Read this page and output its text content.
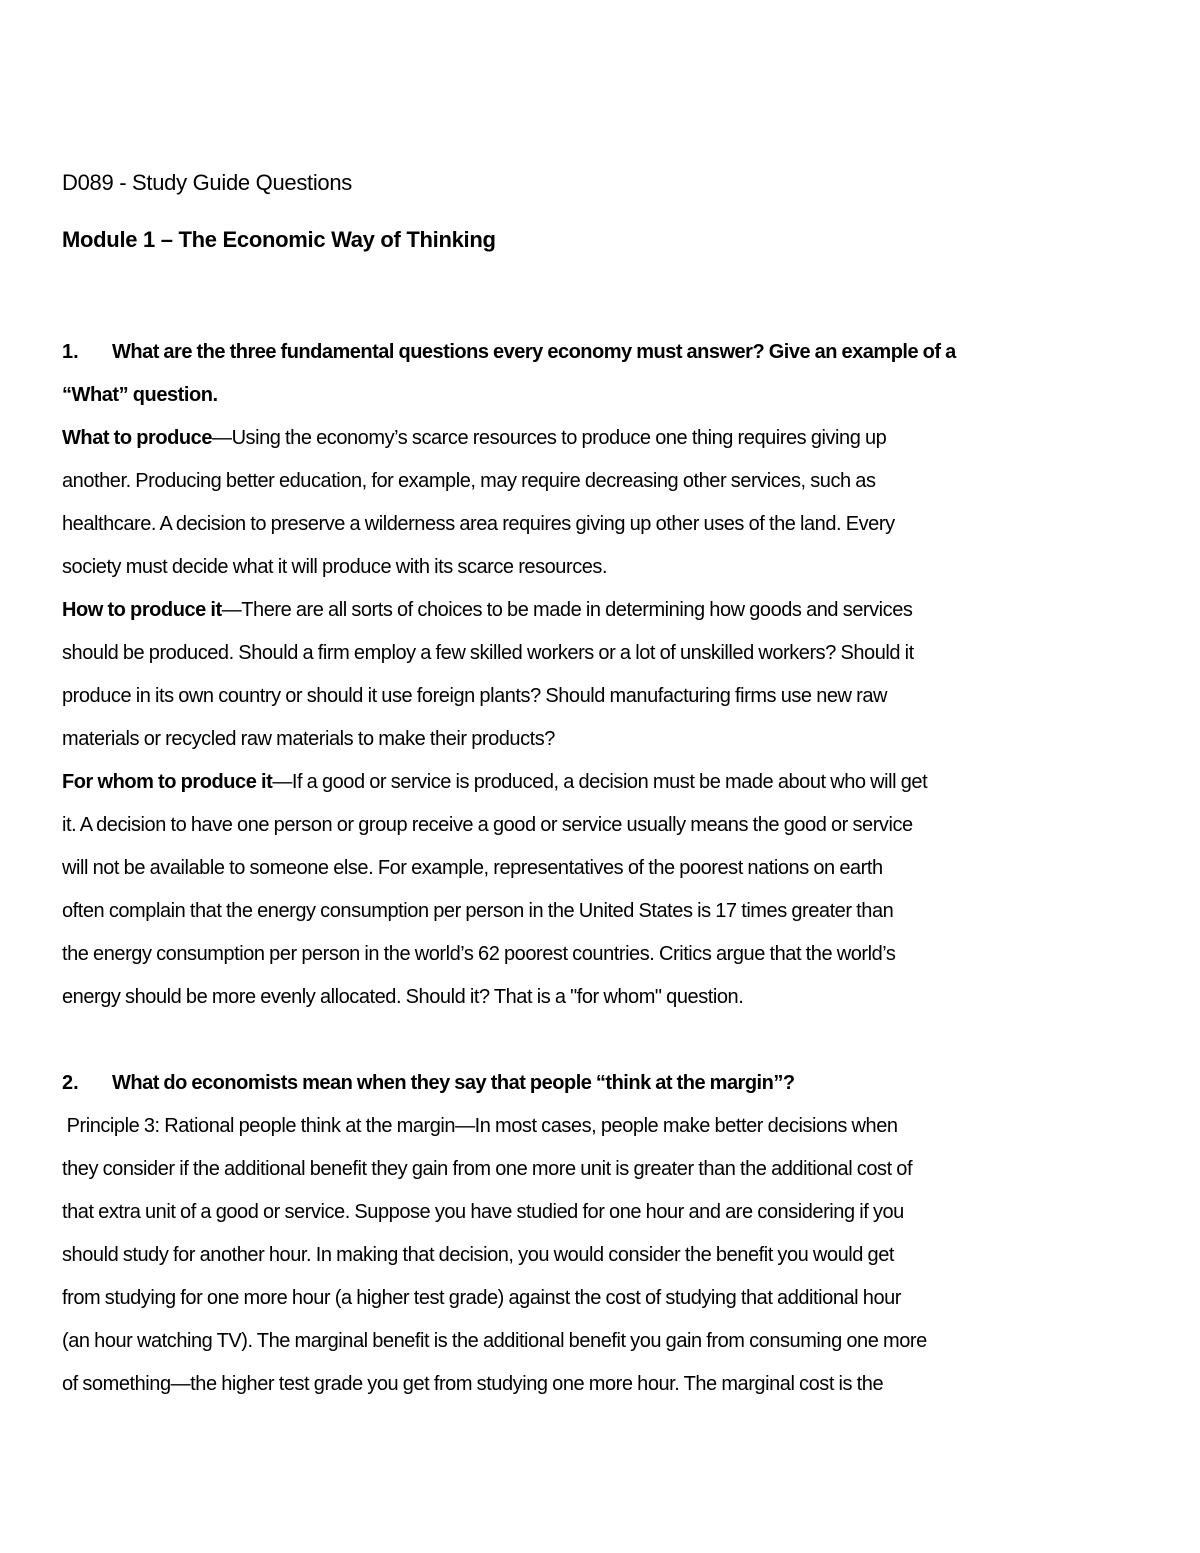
D089 - Study Guide Questions
Module 1 – The Economic Way of Thinking
1. What are the three fundamental questions every economy must answer? Give an example of a
“What” question.
What to produce—Using the economy’s scarce resources to produce one thing requires giving up
another. Producing better education, for example, may require decreasing other services, such as
healthcare. A decision to preserve a wilderness area requires giving up other uses of the land. Every
society must decide what it will produce with its scarce resources.
How to produce it—There are all sorts of choices to be made in determining how goods and services
should be produced. Should a firm employ a few skilled workers or a lot of unskilled workers? Should it
produce in its own country or should it use foreign plants? Should manufacturing firms use new raw
materials or recycled raw materials to make their products?
For whom to produce it—If a good or service is produced, a decision must be made about who will get
it. A decision to have one person or group receive a good or service usually means the good or service
will not be available to someone else. For example, representatives of the poorest nations on earth
often complain that the energy consumption per person in the United States is 17 times greater than
the energy consumption per person in the world’s 62 poorest countries. Critics argue that the world’s
energy should be more evenly allocated. Should it? That is a "for whom" question.
2. What do economists mean when they say that people “think at the margin”?
Principle 3: Rational people think at the margin—In most cases, people make better decisions when
they consider if the additional benefit they gain from one more unit is greater than the additional cost of
that extra unit of a good or service. Suppose you have studied for one hour and are considering if you
should study for another hour. In making that decision, you would consider the benefit you would get
from studying for one more hour (a higher test grade) against the cost of studying that additional hour
(an hour watching TV). The marginal benefit is the additional benefit you gain from consuming one more
of something—the higher test grade you get from studying one more hour. The marginal cost is the
